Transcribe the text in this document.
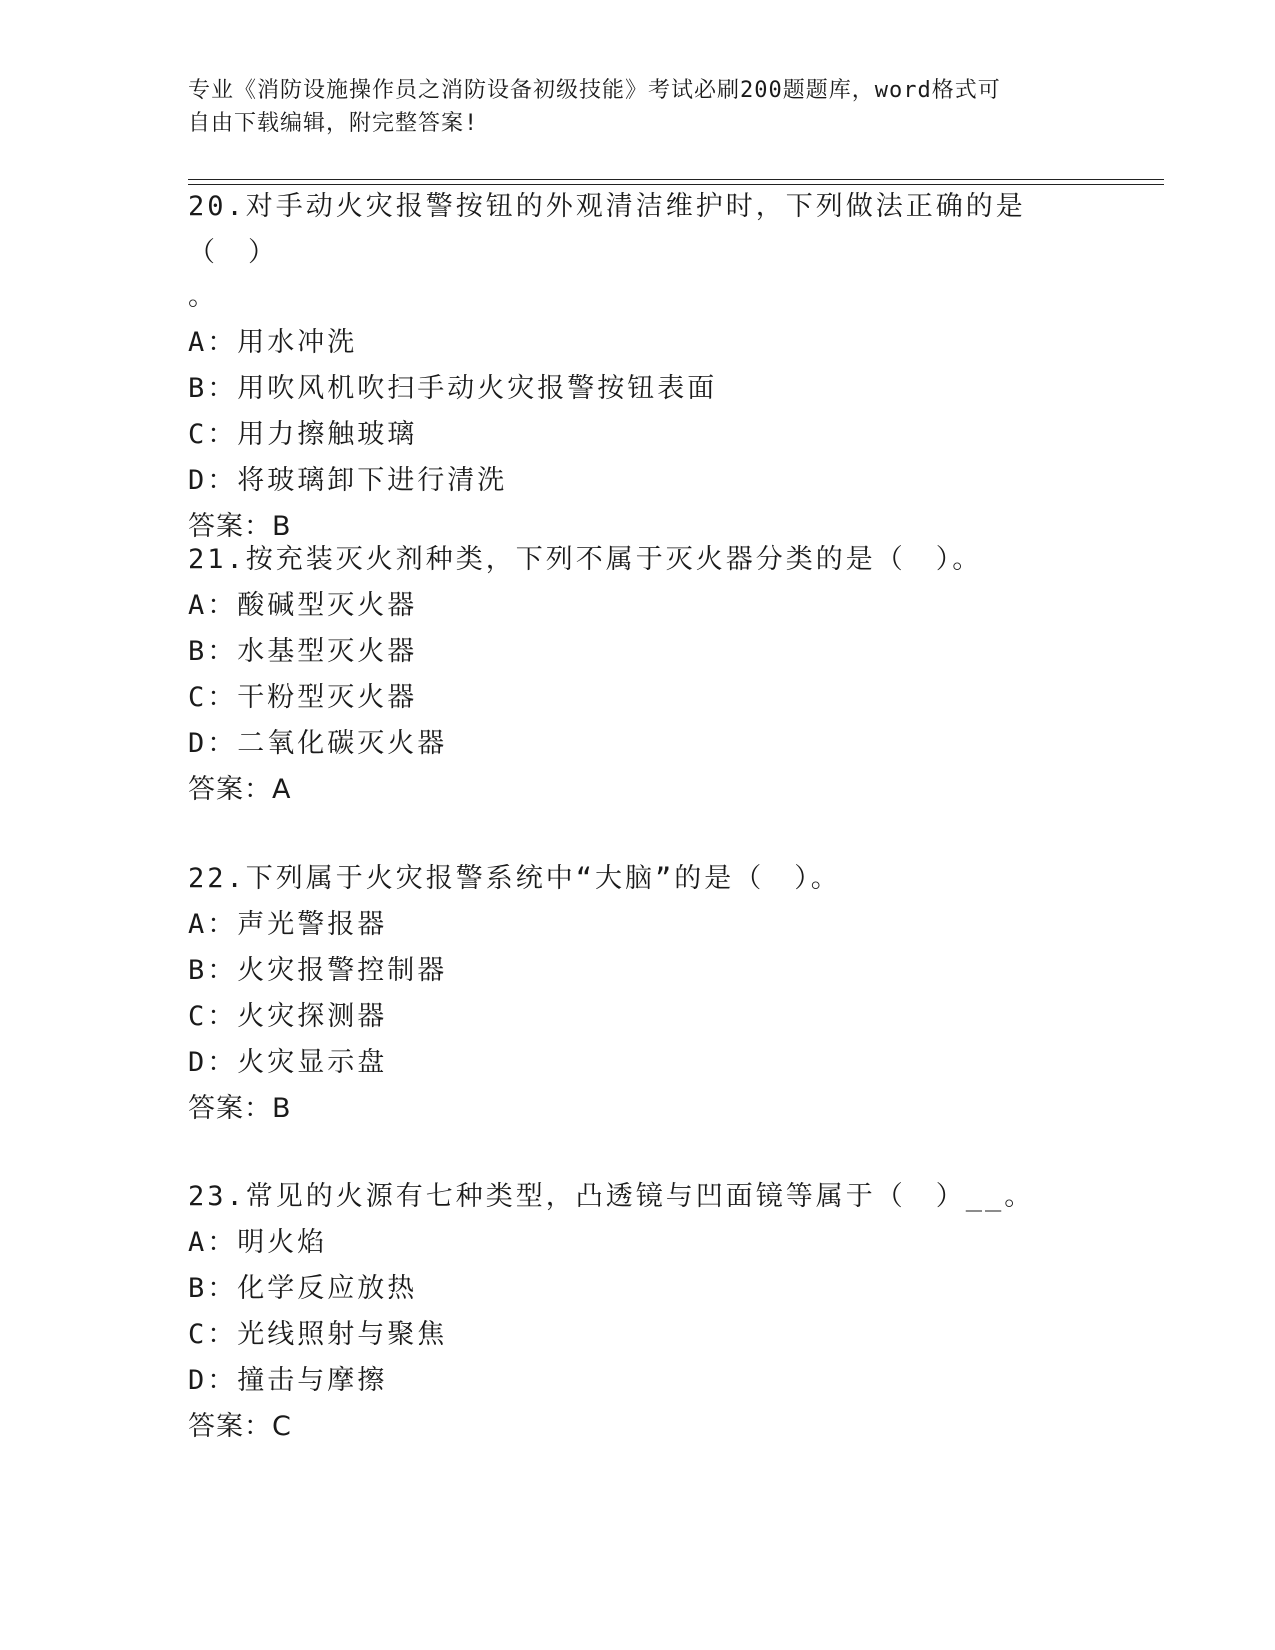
专业《消防设施操作员之消防设备初级技能》考试必刷200题题库，word格式可
自由下载编辑，附完整答案!

20.对手动火灾报警按钮的外观清洁维护时，下列做法正确的是（　）

。

A：用水冲洗

B：用吹风机吹扫手动火灾报警按钮表面

C：用力擦触玻璃

D：将玻璃卸下进行清洗

答案：B

21.按充装灭火剂种类，下列不属于灭火器分类的是（　）。

A：酸碱型灭火器

B：水基型灭火器

C：干粉型灭火器

D：二氧化碳灭火器

答案：A

22.下列属于火灾报警系统中“大脑”的是（　）。

A：声光警报器

B：火灾报警控制器

C：火灾探测器

D：火灾显示盘

答案：B

23.常见的火源有七种类型，凸透镜与凹面镜等属于（　）__。

A：明火焰

B：化学反应放热

C：光线照射与聚焦

D：撞击与摩擦

答案：C
